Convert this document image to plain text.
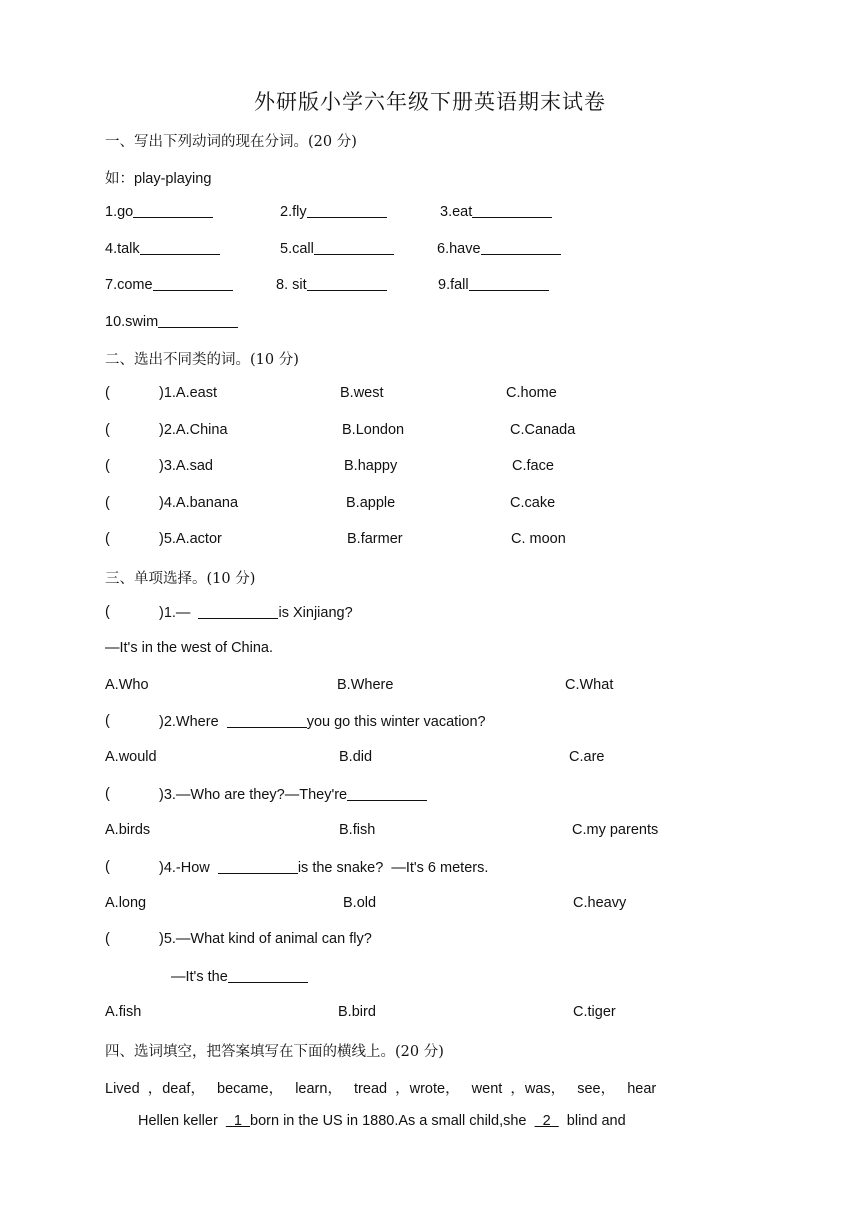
外研版小学六年级下册英语期末试卷
一、写出下列动词的现在分词。(20 分)
如：play-playing
1.go	2.fly	3.eat
4.talk	5.call	6.have
7.come	8. sit	9.fall
10.swim
二、选出不同类的词。(10 分)
(	)1.A.east	B.west	C.home
(	)2.A.China	B.London	C.Canada
(	)3.A.sad	B.happy	C.face
(	)4.A.banana	B.apple	C.cake
(	)5.A.actor	B.farmer	C. moon
三、单项选择。(10 分)
(	)1.—	is Xinjiang?
—It's in the west of China.
A.Who	B.Where	C.What
(	)2.Where	you go this winter vacation?
A.would	B.did	C.are
(	)3.—Who are they?—They're
A.birds	B.fish	C.my parents
(	)4.-How	is the snake?  —It's 6 meters.
A.long	B.old	C.heavy
(	)5.—What kind of animal can fly?
—It's the
A.fish	B.bird	C.tiger
四、选词填空，把答案填写在下面的横线上。(20 分)
Lived  ，deaf，   became，   learn，   tread  ，wrote，   went  ，was，   see，   hear
Hellen keller    1  born in the US in 1880.As a small child,she    2    blind and
